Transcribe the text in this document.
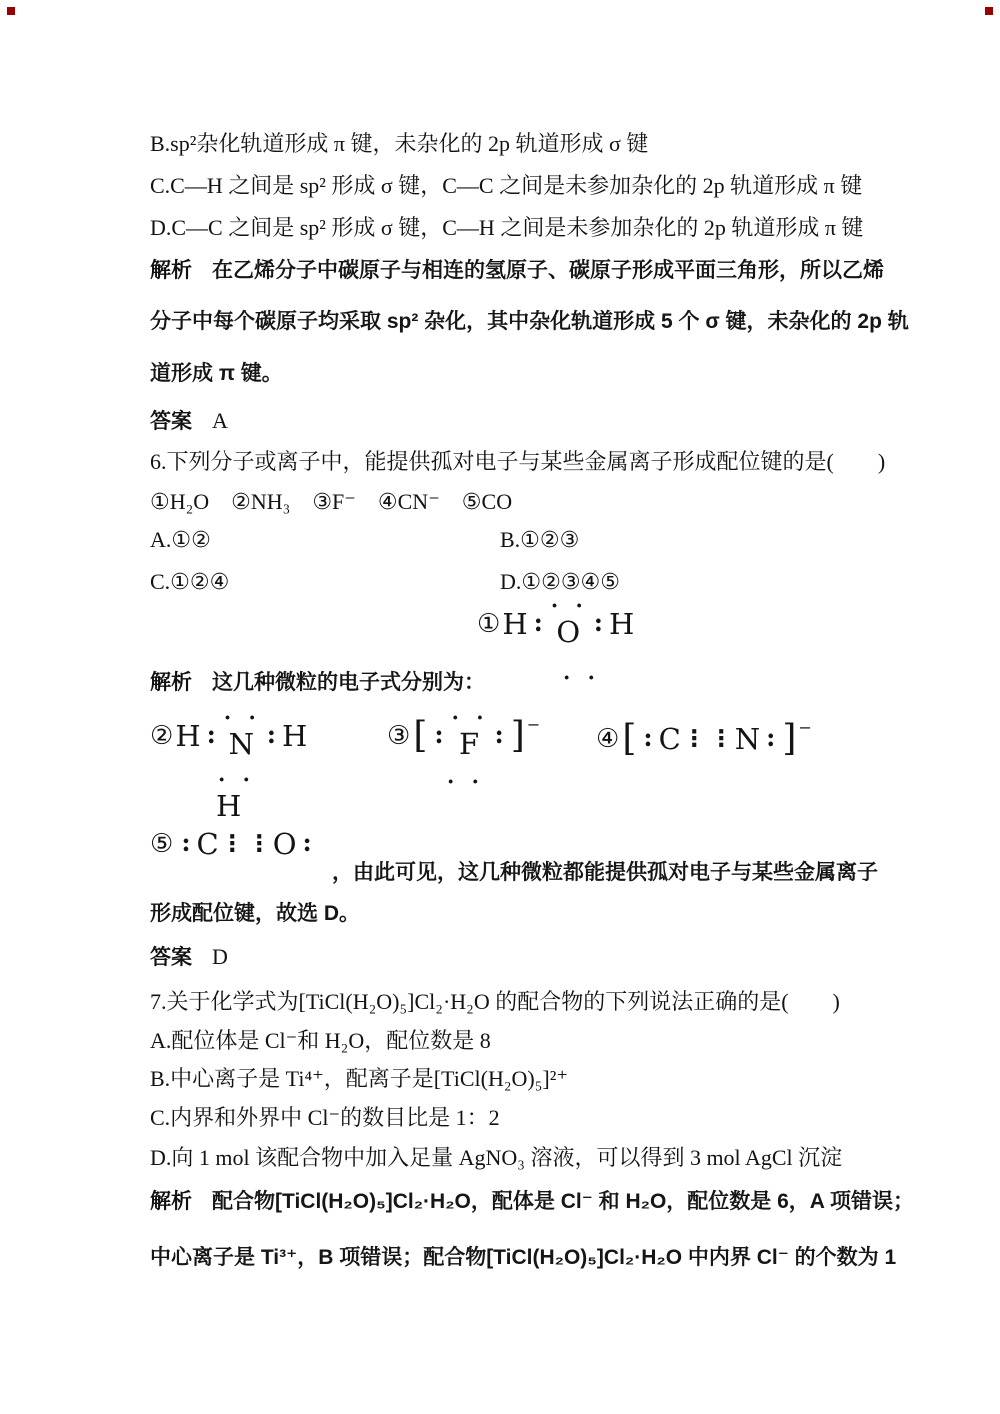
B.sp²杂化轨道形成 π 键，未杂化的 2p 轨道形成 σ 键
C.C—H 之间是 sp² 形成 σ 键，C—C 之间是未参加杂化的 2p 轨道形成 π 键
D.C—C 之间是 sp² 形成 σ 键，C—H 之间是未参加杂化的 2p 轨道形成 π 键
解析 在乙烯分子中碳原子与相连的氢原子、碳原子形成平面三角形，所以乙烯
分子中每个碳原子均采取 sp² 杂化，其中杂化轨道形成 5 个 σ 键，未杂化的 2p 轨
道形成 π 键。
答案 A
6.下列分子或离子中，能提供孤对电子与某些金属离子形成配位键的是(　　)
①H₂O　②NH₃　③F⁻　④CN⁻　⑤CO
A.①②	B.①②③
C.①②④	D.①②③④⑤
① H :
· ·
O : H
· ·
解析 这几种微粒的电子式分别为：
② H :
· ·
N : H
· ·
H
③ [ :
· ·
F : ] −
· ·
④ [ : C ⋮ ⋮ N : ] −
⑤ : C ⋮ ⋮ O :
，由此可见，这几种微粒都能提供孤对电子与某些金属离子
形成配位键，故选 D。
答案 D
7.关于化学式为[TiCl(H₂O)₅]Cl₂·H₂O 的配合物的下列说法正确的是(　　)
A.配位体是 Cl⁻和 H₂O，配位数是 8
B.中心离子是 Ti⁴⁺，配离子是[TiCl(H₂O)₅]²⁺
C.内界和外界中 Cl⁻的数目比是 1：2
D.向 1 mol 该配合物中加入足量 AgNO₃ 溶液，可以得到 3 mol AgCl 沉淀
解析 配合物[TiCl(H₂O)₅]Cl₂·H₂O，配体是 Cl⁻ 和 H₂O，配位数是 6，A 项错误；
中心离子是 Ti³⁺，B 项错误；配合物[TiCl(H₂O)₅]Cl₂·H₂O 中内界 Cl⁻ 的个数为 1
